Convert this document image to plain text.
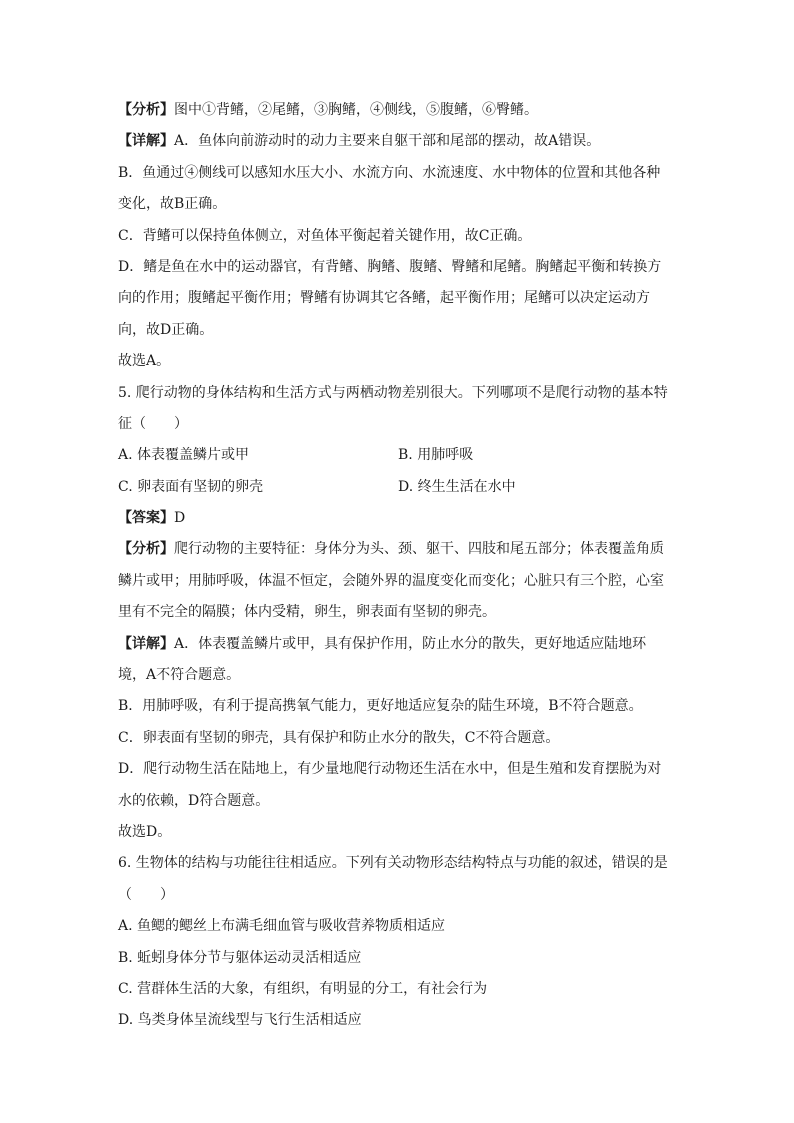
【分析】图中①背鳍，②尾鳍，③胸鳍，④侧线，⑤腹鳍，⑥臀鳍。
【详解】A．鱼体向前游动时的动力主要来自躯干部和尾部的摆动，故A错误。
B．鱼通过④侧线可以感知水压大小、水流方向、水流速度、水中物体的位置和其他各种
变化，故B正确。
C．背鳍可以保持鱼体侧立，对鱼体平衡起着关键作用，故C正确。
D．鳍是鱼在水中的运动器官，有背鳍、胸鳍、腹鳍、臀鳍和尾鳍。胸鳍起平衡和转换方
向的作用；腹鳍起平衡作用；臀鳍有协调其它各鳍，起平衡作用；尾鳍可以决定运动方
向，故D正确。
故选A。
5. 爬行动物的身体结构和生活方式与两栖动物差别很大。下列哪项不是爬行动物的基本特
征（　　）
A. 体表覆盖鳞片或甲	B. 用肺呼吸
C. 卵表面有坚韧的卵壳	D. 终生生活在水中
【答案】D
【分析】爬行动物的主要特征：身体分为头、颈、躯干、四肢和尾五部分；体表覆盖角质
鳞片或甲；用肺呼吸，体温不恒定，会随外界的温度变化而变化；心脏只有三个腔，心室
里有不完全的隔膜；体内受精，卵生，卵表面有坚韧的卵壳。
【详解】A．体表覆盖鳞片或甲，具有保护作用，防止水分的散失，更好地适应陆地环
境，A不符合题意。
B．用肺呼吸，有利于提高携氧气能力，更好地适应复杂的陆生环境，B不符合题意。
C．卵表面有坚韧的卵壳，具有保护和防止水分的散失，C不符合题意。
D．爬行动物生活在陆地上，有少量地爬行动物还生活在水中，但是生殖和发育摆脱为对
水的依赖，D符合题意。
故选D。
6. 生物体的结构与功能往往相适应。下列有关动物形态结构特点与功能的叙述，错误的是
（　　）
A. 鱼鳃的鳃丝上布满毛细血管与吸收营养物质相适应
B. 蚯蚓身体分节与躯体运动灵活相适应
C. 营群体生活的大象，有组织，有明显的分工，有社会行为
D. 鸟类身体呈流线型与飞行生活相适应
